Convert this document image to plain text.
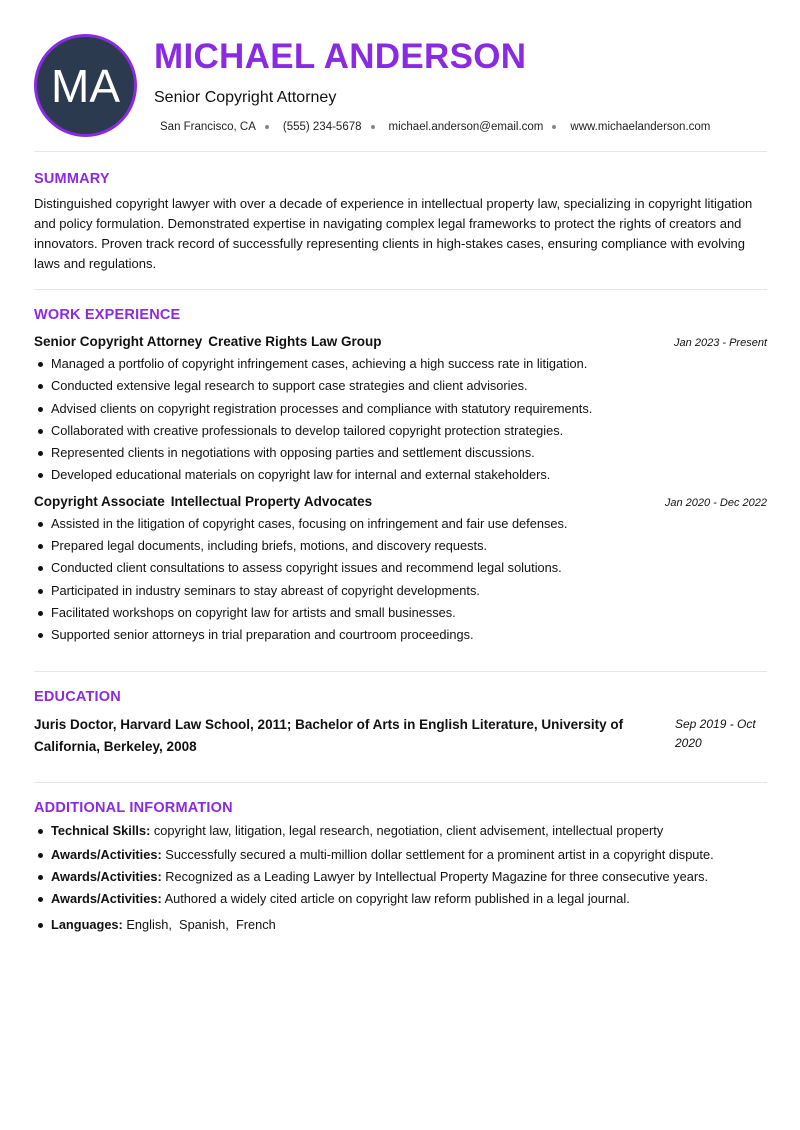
MA
MICHAEL ANDERSON
Senior Copyright Attorney
San Francisco, CA (555) 234-5678 michael.anderson@email.com www.michaelanderson.com
SUMMARY

Distinguished copyright lawyer with over a decade of experience in intellectual property law, specializing in copyright litigation and policy formulation. Demonstrated expertise in navigating complex legal frameworks to protect the rights of creators and innovators. Proven track record of successfully representing clients in high-stakes cases, ensuring compliance with evolving laws and regulations.

WORK EXPERIENCE
Senior Copyright Attorney Creative Rights Law Group	Jan 2023 - Present
Managed a portfolio of copyright infringement cases, achieving a high success rate in litigation.
Conducted extensive legal research to support case strategies and client advisories.
Advised clients on copyright registration processes and compliance with statutory requirements.
Collaborated with creative professionals to develop tailored copyright protection strategies.
Represented clients in negotiations with opposing parties and settlement discussions.
Developed educational materials on copyright law for internal and external stakeholders.
Copyright Associate Intellectual Property Advocates	Jan 2020 - Dec 2022
Assisted in the litigation of copyright cases, focusing on infringement and fair use defenses.
Prepared legal documents, including briefs, motions, and discovery requests.
Conducted client consultations to assess copyright issues and recommend legal solutions.
Participated in industry seminars to stay abreast of copyright developments.
Facilitated workshops on copyright law for artists and small businesses.
Supported senior attorneys in trial preparation and courtroom proceedings.
EDUCATION
Juris Doctor, Harvard Law School, 2011; Bachelor of Arts in English Literature, University of California, Berkeley, 2008
Sep 2019 - Oct 2020
ADDITIONAL INFORMATION
Technical Skills: copyright law, litigation, legal research, negotiation, client advisement, intellectual property
Awards/Activities: Successfully secured a multi-million dollar settlement for a prominent artist in a copyright dispute.
Awards/Activities: Recognized as a Leading Lawyer by Intellectual Property Magazine for three consecutive years.
Awards/Activities: Authored a widely cited article on copyright law reform published in a legal journal.
Languages: English,  Spanish,  French
